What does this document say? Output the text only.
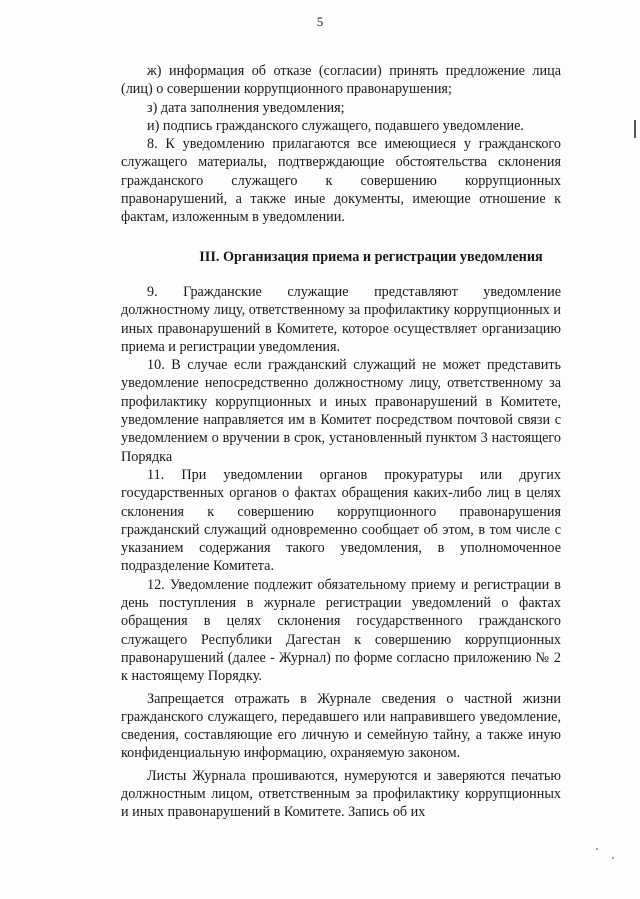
5

ж) информация об отказе (согласии) принять предложение лица (лиц) о совершении коррупционного правонарушения;

з) дата заполнения уведомления;

и) подпись гражданского служащего, подавшего уведомление.

8. К уведомлению прилагаются все имеющиеся у гражданского служащего материалы, подтверждающие обстоятельства склонения гражданского служащего к совершению коррупционных правонарушений, а также иные документы, имеющие отношение к фактам, изложенным в уведомлении.

III. Организация приема и регистрации уведомления

9. Гражданские служащие представляют уведомление должностному лицу, ответственному за профилактику коррупционных и иных правонарушений в Комитете, которое осуществляет организацию приема и регистрации уведомления.

10. В случае если гражданский служащий не может представить уведомление непосредственно должностному лицу, ответственному за профилактику коррупционных и иных правонарушений в Комитете, уведомление направляется им в Комитет посредством почтовой связи с уведомлением о вручении в срок, установленный пунктом 3 настоящего Порядка

11. При уведомлении органов прокуратуры или других государственных органов о фактах обращения каких-либо лиц в целях склонения к совершению коррупционного правонарушения гражданский служащий одновременно сообщает об этом, в том числе с указанием содержания такого уведомления, в уполномоченное подразделение Комитета.

12. Уведомление подлежит обязательному приему и регистрации в день поступления в журнале регистрации уведомлений о фактах обращения в целях склонения государственного гражданского служащего Республики Дагестан к совершению коррупционных правонарушений (далее - Журнал) по форме согласно приложению № 2 к настоящему Порядку.

Запрещается отражать в Журнале сведения о частной жизни гражданского служащего, передавшего или направившего уведомление, сведения, составляющие его личную и семейную тайну, а также иную конфиденциальную информацию, охраняемую законом.

Листы Журнала прошиваются, нумеруются и заверяются печатью должностным лицом, ответственным за профилактику коррупционных и иных правонарушений в Комитете. Запись об их
